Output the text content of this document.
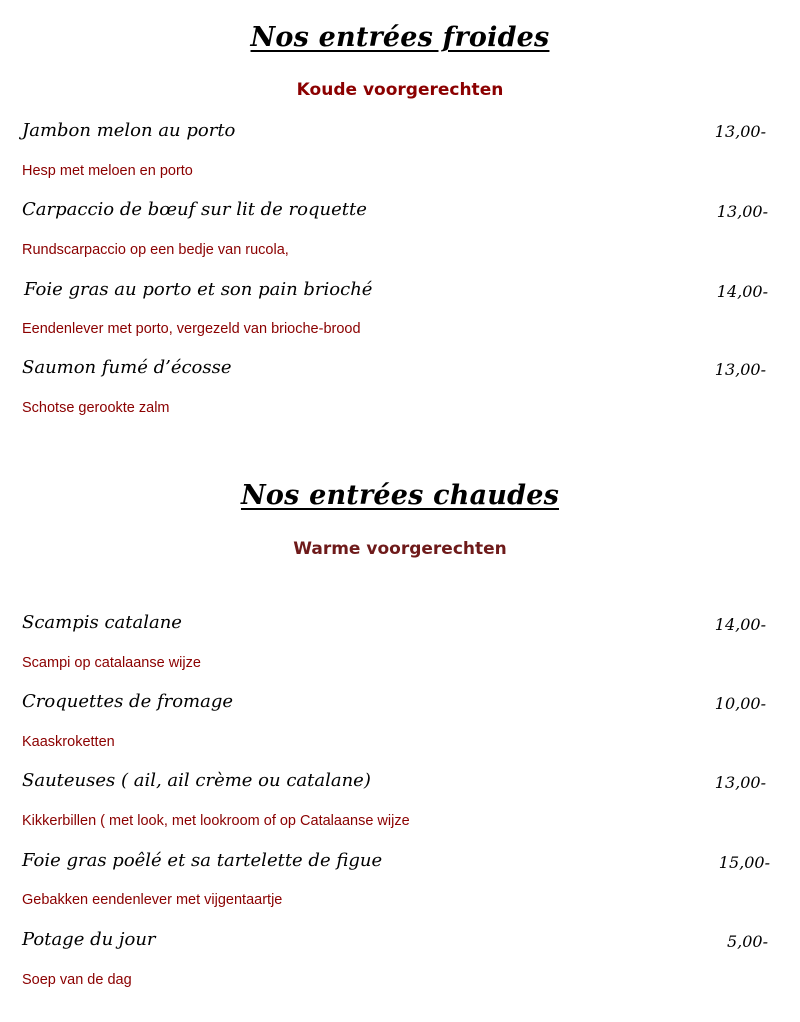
Nos entrées froides
Koude voorgerechten

Jambon melon au porto	13,00-

Hesp met meloen en porto

Carpaccio de bœuf sur lit de roquette	13,00-

Rundscarpaccio op een bedje van rucola,

Foie gras au porto et son pain brioché	14,00-

Eendenlever met porto, vergezeld van brioche-brood

Saumon fumé d’écosse	13,00-

Schotse gerookte zalm

Nos entrées chaudes
Warme voorgerechten

Scampis catalane	14,00-

Scampi op catalaanse wijze

Croquettes de fromage	10,00-

Kaaskroketten

Sauteuses ( ail, ail crème ou catalane)	13,00-

Kikkerbillen ( met look, met lookroom of op Catalaanse wijze

Foie gras poêlé et sa tartelette de figue	15,00-

Gebakken eendenlever met vijgentaartje

Potage du jour	5,00-

Soep van de dag
